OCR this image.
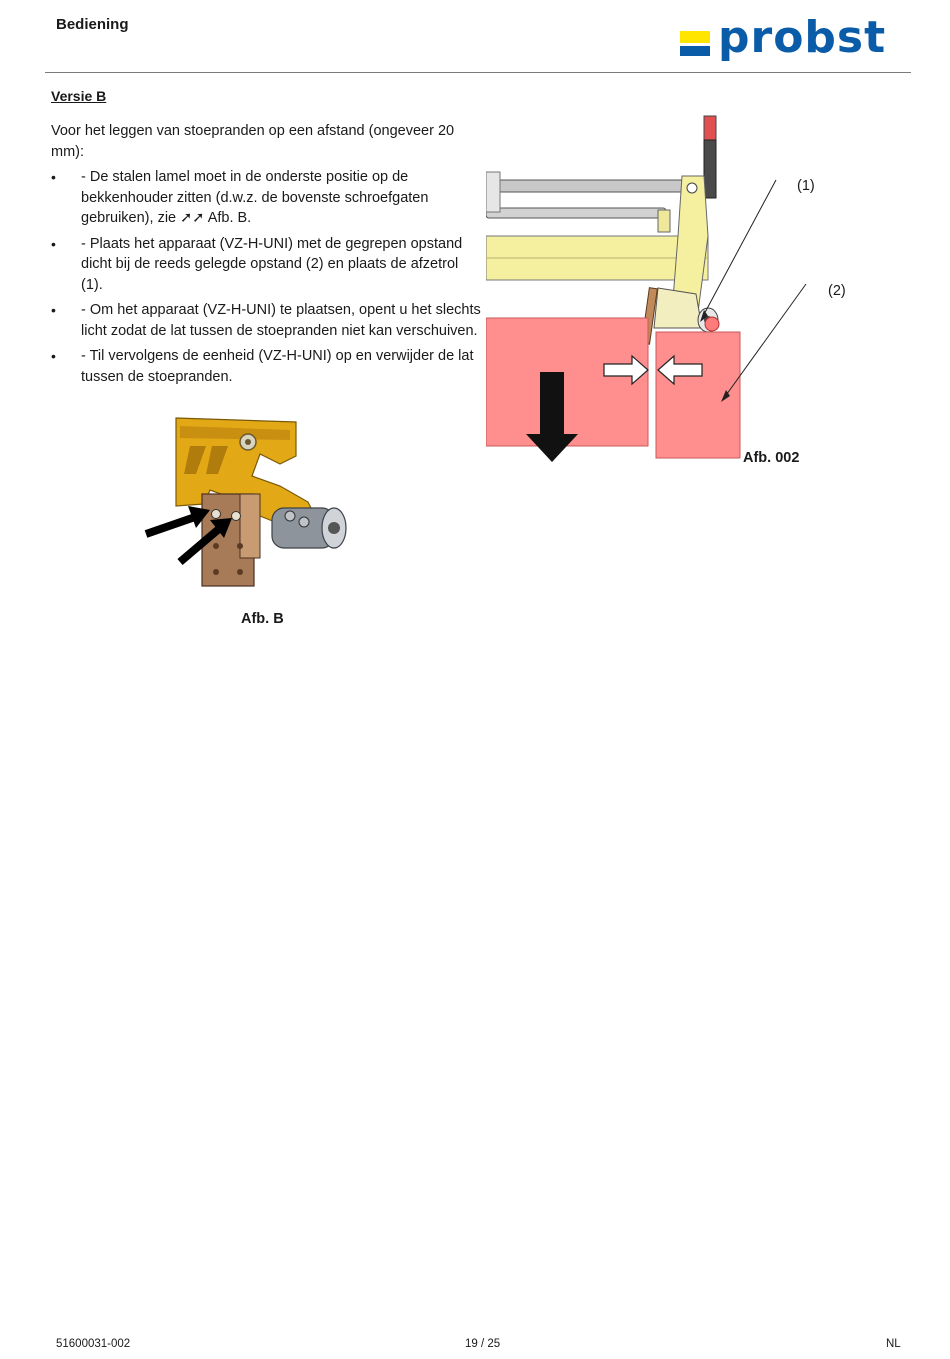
Bediening	probst
Versie B
Voor het leggen van stoepranden op een afstand (ongeveer 20 mm):
• - De stalen lamel moet in de onderste positie op de bekkenhouder zitten (d.w.z. de bovenste schroefgaten gebruiken), zie ➚➚ Afb. B.
• - Plaats het apparaat (VZ-H-UNI) met de gegrepen opstand dicht bij de reeds gelegde opstand (2) en plaats de afzetrol (1).
• - Om het apparaat (VZ-H-UNI) te plaatsen, opent u het slechts licht zodat de lat tussen de stoepranden niet kan verschuiven.
• - Til vervolgens de eenheid (VZ-H-UNI) op en verwijder de lat tussen de stoepranden.
Afb. B
(1)
(2)
Afb. 002
51600031-002	19 / 25	NL
